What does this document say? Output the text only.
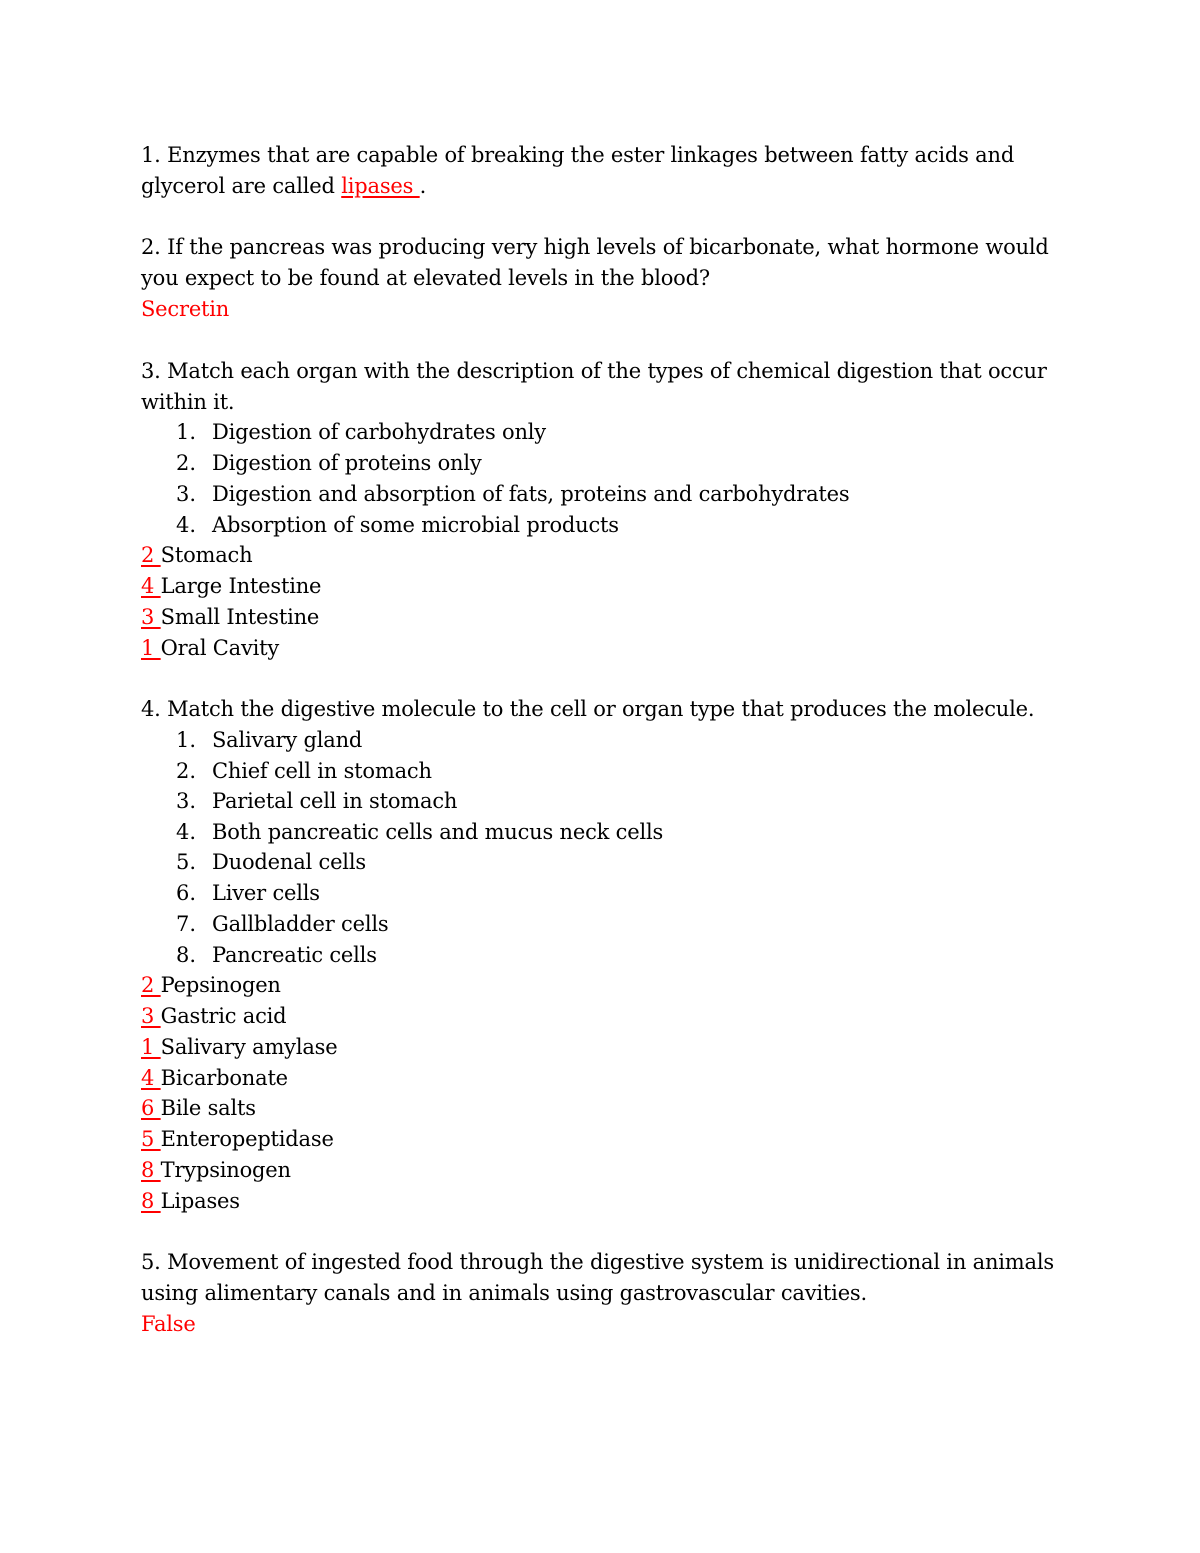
1. Enzymes that are capable of breaking the ester linkages between fatty acids and
glycerol are called lipases .
2. If the pancreas was producing very high levels of bicarbonate, what hormone would
you expect to be found at elevated levels in the blood?
Secretin
3. Match each organ with the description of the types of chemical digestion that occur
within it.
1. Digestion of carbohydrates only
2. Digestion of proteins only
3. Digestion and absorption of fats, proteins and carbohydrates
4. Absorption of some microbial products
2 Stomach
4 Large Intestine
3 Small Intestine
1 Oral Cavity
4. Match the digestive molecule to the cell or organ type that produces the molecule.
1. Salivary gland
2. Chief cell in stomach
3. Parietal cell in stomach
4. Both pancreatic cells and mucus neck cells
5. Duodenal cells
6. Liver cells
7. Gallbladder cells
8. Pancreatic cells
2 Pepsinogen
3 Gastric acid
1 Salivary amylase
4 Bicarbonate
6 Bile salts
5 Enteropeptidase
8 Trypsinogen
8 Lipases
5. Movement of ingested food through the digestive system is unidirectional in animals
using alimentary canals and in animals using gastrovascular cavities.
False
